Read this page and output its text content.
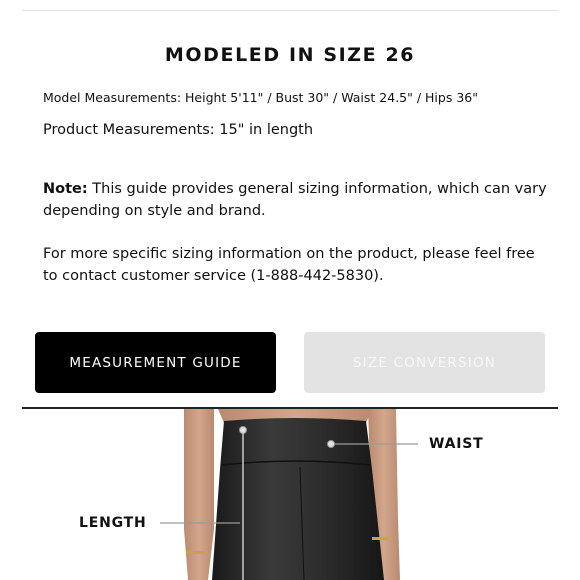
MODELED IN SIZE 26
Model Measurements: Height 5'11" / Bust 30" / Waist 24.5" / Hips 36"
Product Measurements: 15" in length
Note: This guide provides general sizing information, which can vary depending on style and brand.
For more specific sizing information on the product, please feel free to contact customer service (1-888-442-5830).
MEASUREMENT GUIDE	SIZE CONVERSION
WAIST
LENGTH
